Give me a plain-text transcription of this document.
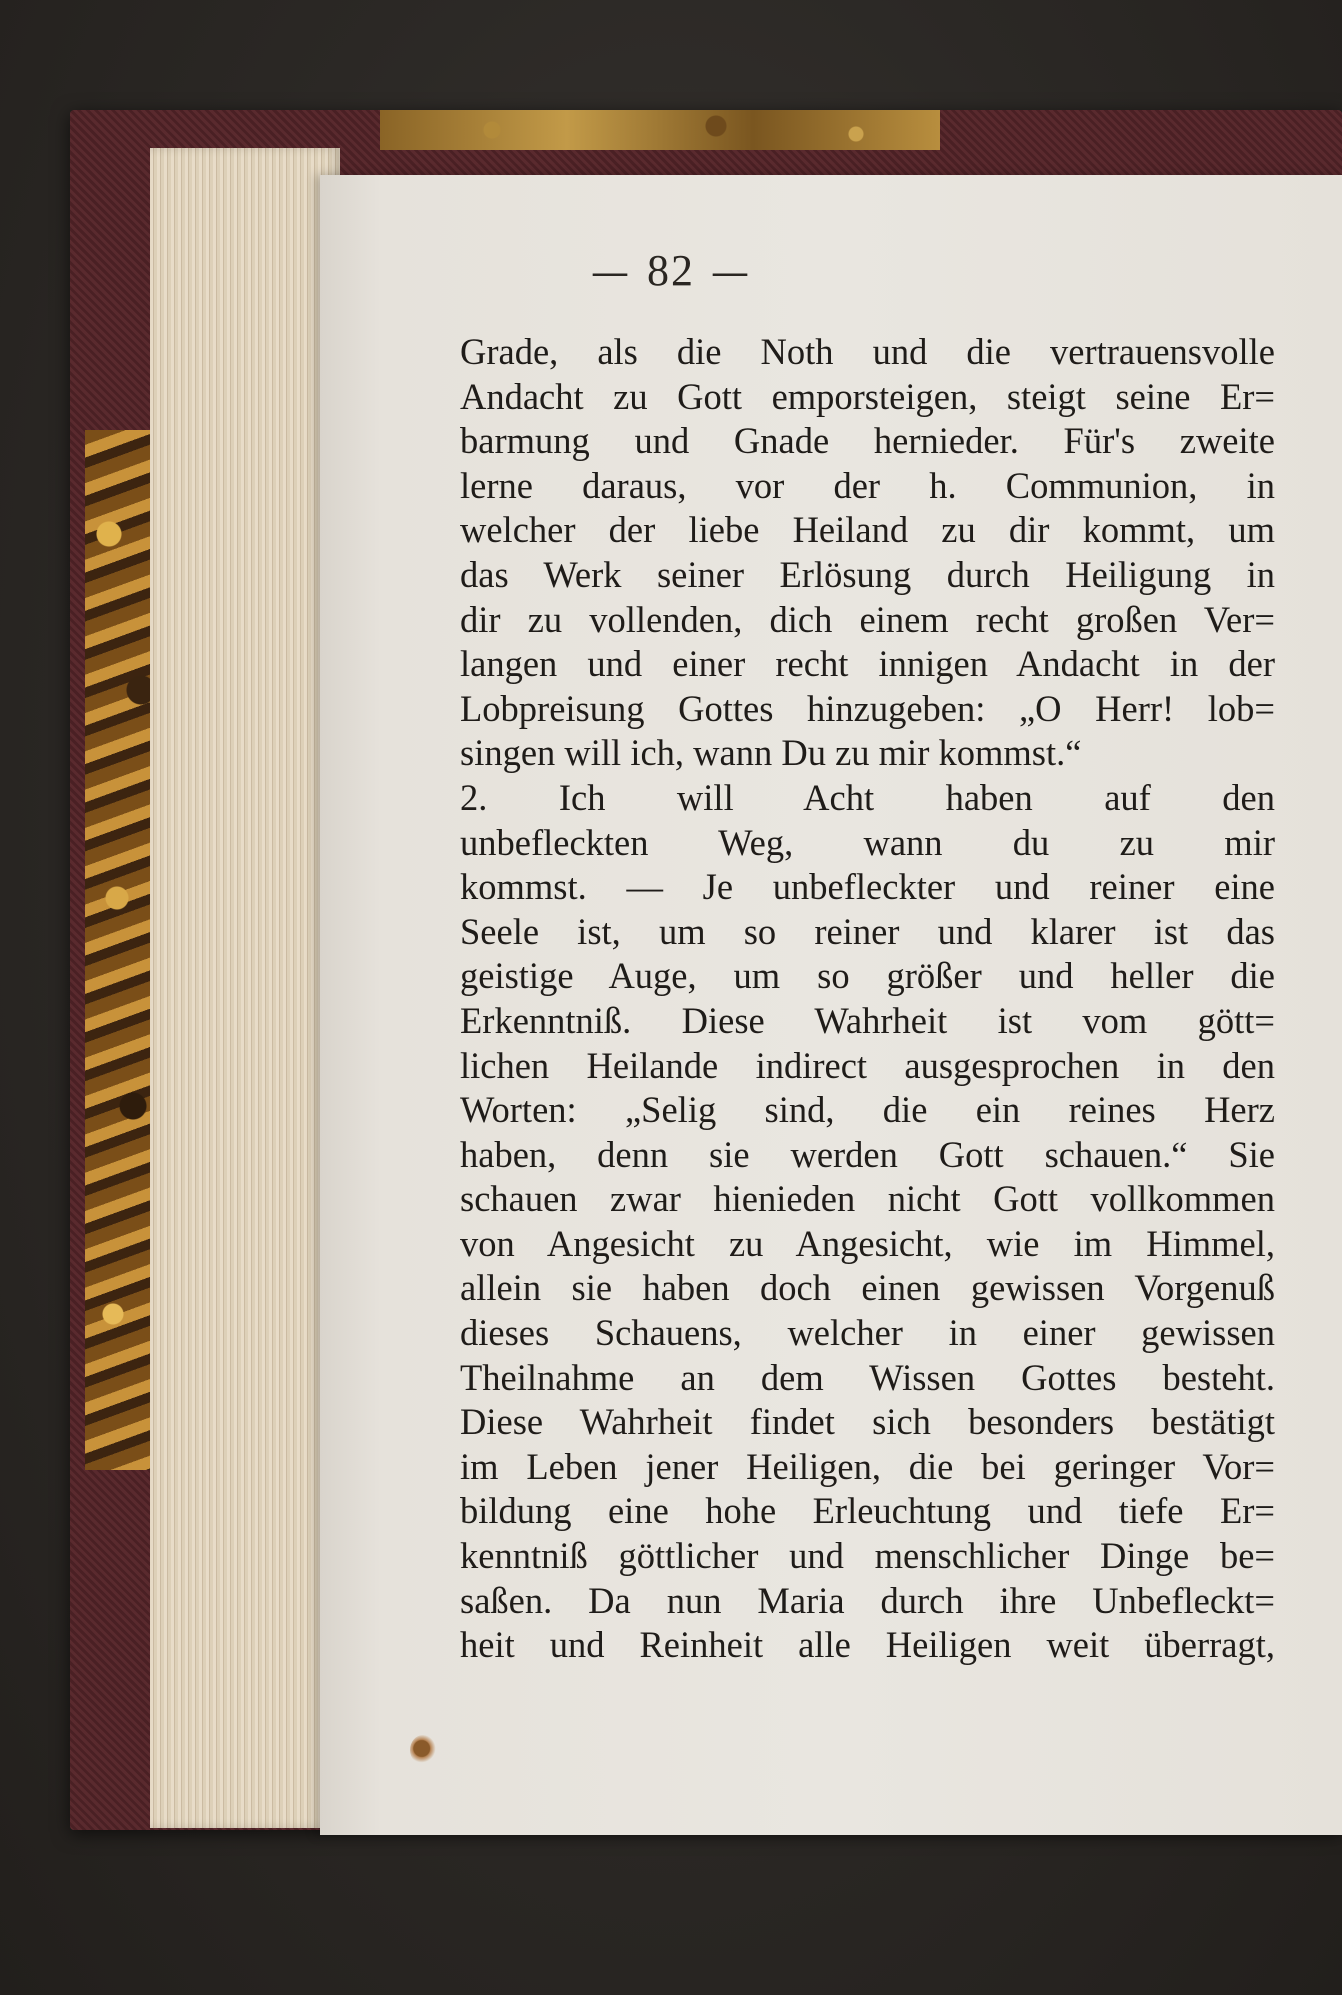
— 82 —

Grade, als die Noth und die vertrauensvolle

Andacht zu Gott emporsteigen, steigt seine Er=

barmung und Gnade hernieder. Für's zweite

lerne daraus, vor der h. Communion, in

welcher der liebe Heiland zu dir kommt, um

das Werk seiner Erlösung durch Heiligung in

dir zu vollenden, dich einem recht großen Ver=

langen und einer recht innigen Andacht in der

Lobpreisung Gottes hinzugeben: „O Herr! lob=

singen will ich, wann Du zu mir kommst.“

2. Ich will Acht haben auf den

unbefleckten Weg, wann du zu mir

kommst. — Je unbefleckter und reiner eine

Seele ist, um so reiner und klarer ist das

geistige Auge, um so größer und heller die

Erkenntniß. Diese Wahrheit ist vom gött=

lichen Heilande indirect ausgesprochen in den

Worten: „Selig sind, die ein reines Herz

haben, denn sie werden Gott schauen.“ Sie

schauen zwar hienieden nicht Gott vollkommen

von Angesicht zu Angesicht, wie im Himmel,

allein sie haben doch einen gewissen Vorgenuß

dieses Schauens, welcher in einer gewissen

Theilnahme an dem Wissen Gottes besteht.

Diese Wahrheit findet sich besonders bestätigt

im Leben jener Heiligen, die bei geringer Vor=

bildung eine hohe Erleuchtung und tiefe Er=

kenntniß göttlicher und menschlicher Dinge be=

saßen. Da nun Maria durch ihre Unbefleckt=

heit und Reinheit alle Heiligen weit überragt,
